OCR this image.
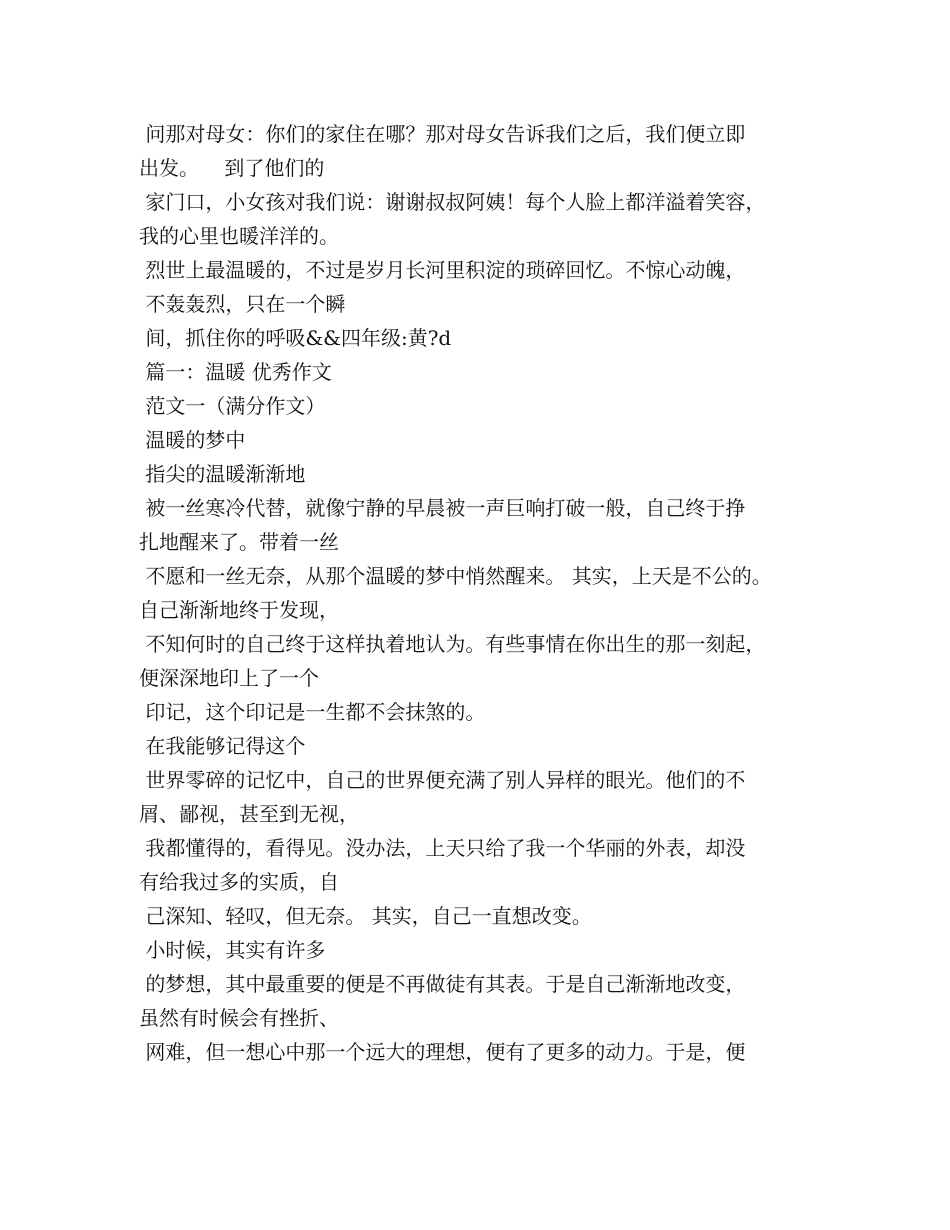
问那对母女：你们的家住在哪？那对母女告诉我们之后，我们便立即
出发。    到了他们的
家门口，小女孩对我们说：谢谢叔叔阿姨！每个人脸上都洋溢着笑容，
我的心里也暖洋洋的。
烈世上最温暖的，不过是岁月长河里积淀的琐碎回忆。不惊心动魄，
不轰轰烈，只在一个瞬
间，抓住你的呼吸&&四年级:黄?d
篇一：温暖 优秀作文
范文一（满分作文）
温暖的梦中
指尖的温暖渐渐地
被一丝寒冷代替，就像宁静的早晨被一声巨响打破一般，自己终于挣
扎地醒来了。带着一丝
不愿和一丝无奈，从那个温暖的梦中悄然醒来。 其实，上天是不公的。
自己渐渐地终于发现，
不知何时的自己终于这样执着地认为。有些事情在你出生的那一刻起，
便深深地印上了一个
印记，这个印记是一生都不会抹煞的。
在我能够记得这个
世界零碎的记忆中，自己的世界便充满了别人异样的眼光。他们的不
屑、鄙视，甚至到无视，
我都懂得的，看得见。没办法，上天只给了我一个华丽的外表，却没
有给我过多的实质，自
己深知、轻叹，但无奈。 其实，自己一直想改变。
小时候，其实有许多
的梦想，其中最重要的便是不再做徒有其表。于是自己渐渐地改变，
虽然有时候会有挫折、
网难，但一想心中那一个远大的理想，便有了更多的动力。于是，便
